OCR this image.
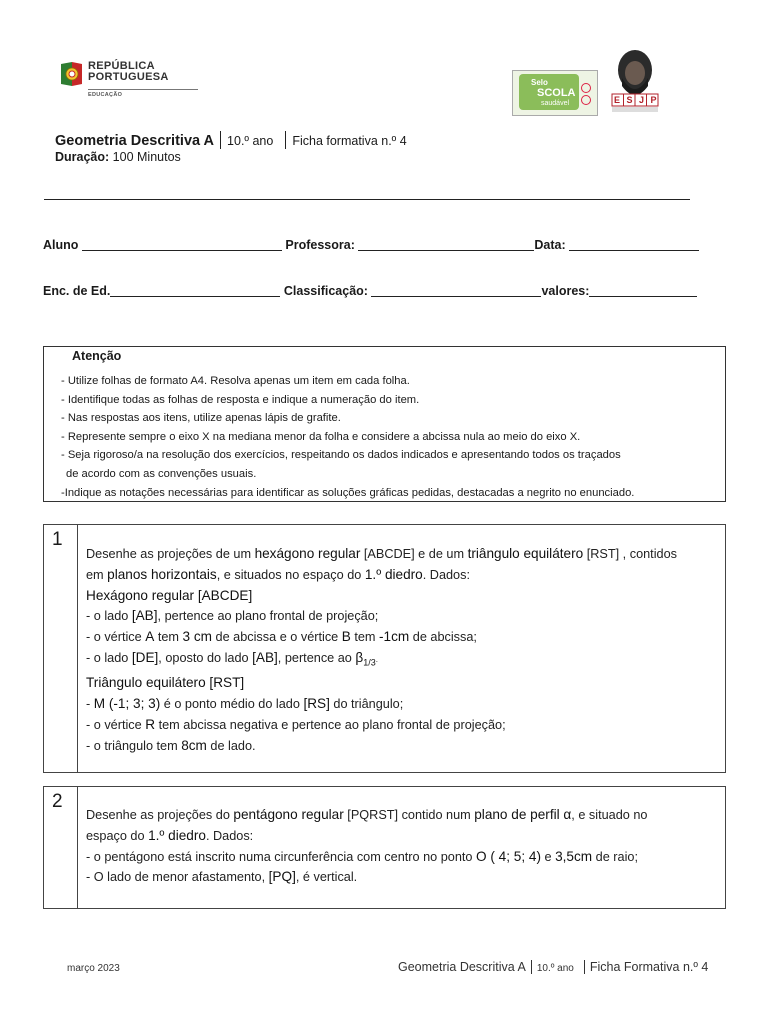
REPÚBLICA
PORTUGUESA
EDUCAÇÃO
Selo
SCOLA
saudável	ESJP
Geometria Descritiva A 10.º ano Ficha formativa n.º 4
Duração: 100 Minutos
Aluno	Professora:	Data:
Enc. de Ed.	Classificação:	valores:
Atenção
- Utilize folhas de formato A4. Resolva apenas um item em cada folha.
- Identifique todas as folhas de resposta e indique a numeração do item.
- Nas respostas aos itens, utilize apenas lápis de grafite.
- Represente sempre o eixo X na mediana menor da folha e considere a abcissa nula ao meio do eixo X.
- Seja rigoroso/a na resolução dos exercícios, respeitando os dados indicados e apresentando todos os traçados
de acordo com as convenções usuais.
-Indique as notações necessárias para identificar as soluções gráficas pedidas, destacadas a negrito no enunciado.
1
Desenhe as projeções de um hexágono regular [ABCDE] e de um triângulo equilátero [RST] , contidos
em planos horizontais, e situados no espaço do 1.º diedro. Dados:
Hexágono regular [ABCDE]
- o lado [AB], pertence ao plano frontal de projeção;
- o vértice A tem 3 cm de abcissa e o vértice B tem -1cm de abcissa;
- o lado [DE], oposto do lado [AB], pertence ao $\beta_{1/3}$.
Triângulo equilátero [RST]
- M (-1; 3; 3) é o ponto médio do lado [RS] do triângulo;
- o vértice R tem abcissa negativa e pertence ao plano frontal de projeção;
- o triângulo tem 8cm de lado.
2
Desenhe as projeções do pentágono regular [PQRST] contido num plano de perfil α, e situado no
espaço do 1.º diedro. Dados:
- o pentágono está inscrito numa circunferência com centro no ponto O ( 4; 5; 4) e 3,5cm de raio;
- O lado de menor afastamento, [PQ], é vertical.
março 2023	Geometria Descritiva A 10.º ano Ficha Formativa n.º 4
